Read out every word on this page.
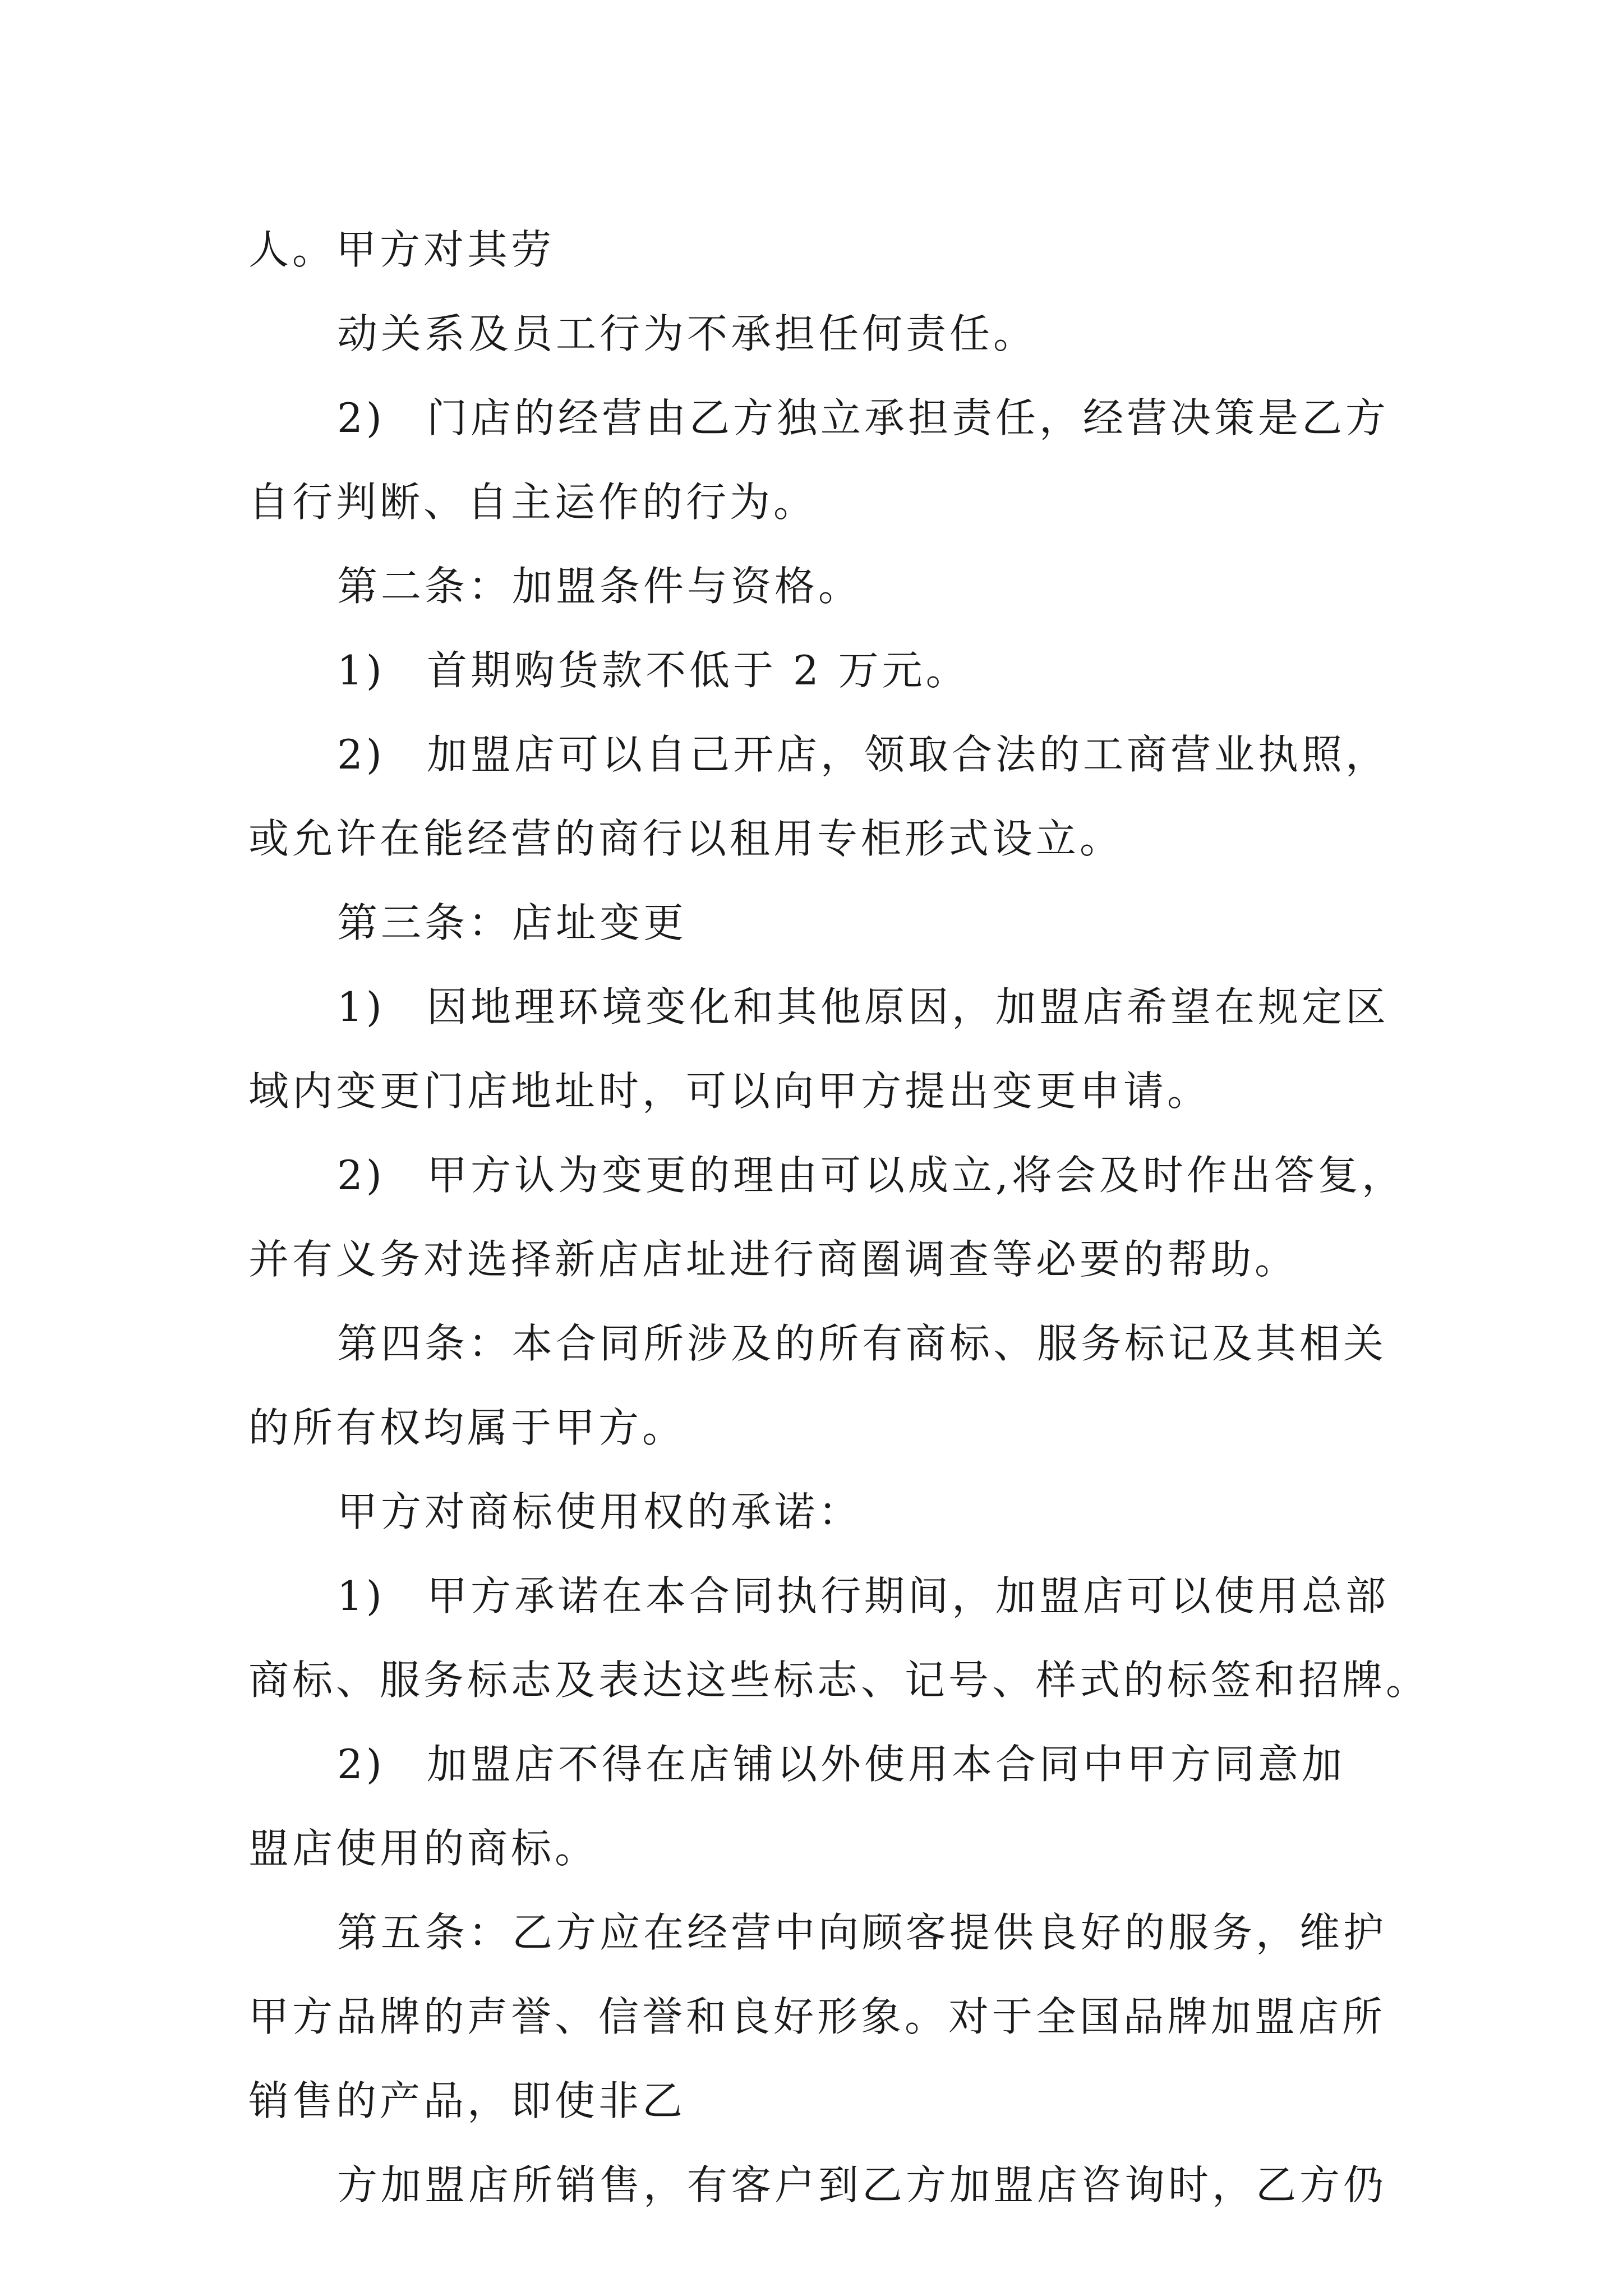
人。甲方对其劳
动关系及员工行为不承担任何责任。
2) 门店的经营由乙方独立承担责任，经营决策是乙方
自行判断、自主运作的行为。
第二条：加盟条件与资格。
1) 首期购货款不低于 2 万元。
2) 加盟店可以自己开店，领取合法的工商营业执照，
或允许在能经营的商行以租用专柜形式设立。
第三条：店址变更
1) 因地理环境变化和其他原因，加盟店希望在规定区
域内变更门店地址时，可以向甲方提出变更申请。
2) 甲方认为变更的理由可以成立,将会及时作出答复，
并有义务对选择新店店址进行商圈调查等必要的帮助。
第四条：本合同所涉及的所有商标、服务标记及其相关
的所有权均属于甲方。
甲方对商标使用权的承诺：
1) 甲方承诺在本合同执行期间，加盟店可以使用总部
商标、服务标志及表达这些标志、记号、样式的标签和招牌。
2) 加盟店不得在店铺以外使用本合同中甲方同意加
盟店使用的商标。
第五条：乙方应在经营中向顾客提供良好的服务，维护
甲方品牌的声誉、信誉和良好形象。对于全国品牌加盟店所
销售的产品，即使非乙
方加盟店所销售，有客户到乙方加盟店咨询时，乙方仍
